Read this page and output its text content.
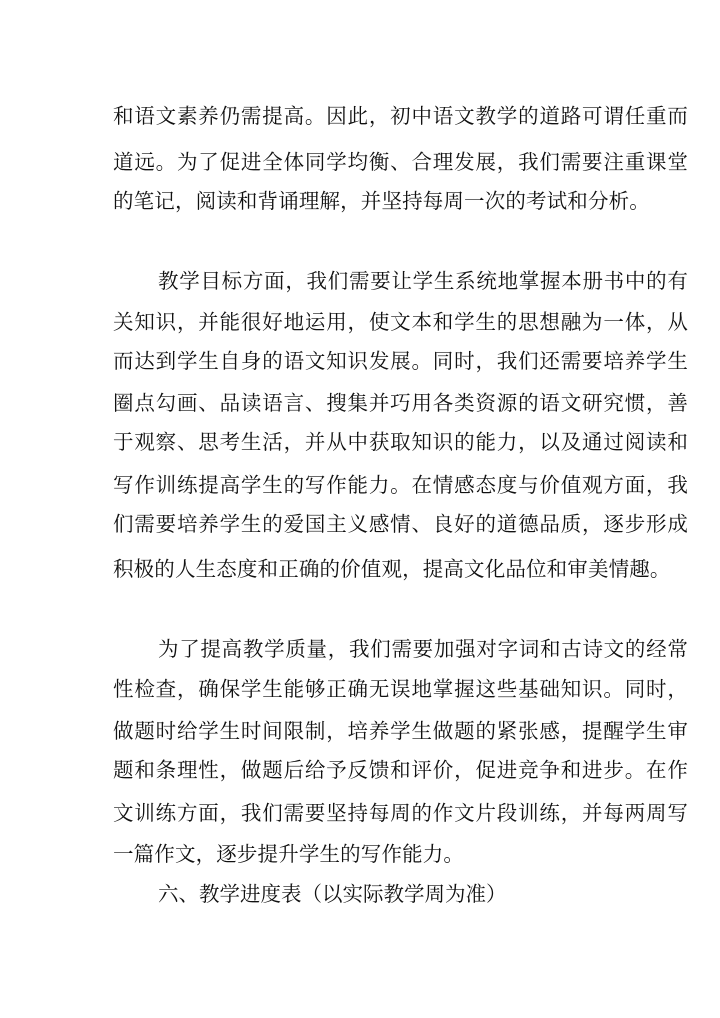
和语文素养仍需提高。因此，初中语文教学的道路可谓任重而
道远。为了促进全体同学均衡、合理发展，我们需要注重课堂
的笔记，阅读和背诵理解，并坚持每周一次的考试和分析。
教学目标方面，我们需要让学生系统地掌握本册书中的有
关知识，并能很好地运用，使文本和学生的思想融为一体，从
而达到学生自身的语文知识发展。同时，我们还需要培养学生
圈点勾画、品读语言、搜集并巧用各类资源的语文研究惯，善
于观察、思考生活，并从中获取知识的能力，以及通过阅读和
写作训练提高学生的写作能力。在情感态度与价值观方面，我
们需要培养学生的爱国主义感情、良好的道德品质，逐步形成
积极的人生态度和正确的价值观，提高文化品位和审美情趣。
为了提高教学质量，我们需要加强对字词和古诗文的经常
性检查，确保学生能够正确无误地掌握这些基础知识。同时，
做题时给学生时间限制，培养学生做题的紧张感，提醒学生审
题和条理性，做题后给予反馈和评价，促进竞争和进步。在作
文训练方面，我们需要坚持每周的作文片段训练，并每两周写
一篇作文，逐步提升学生的写作能力。
六、教学进度表（以实际教学周为准）
